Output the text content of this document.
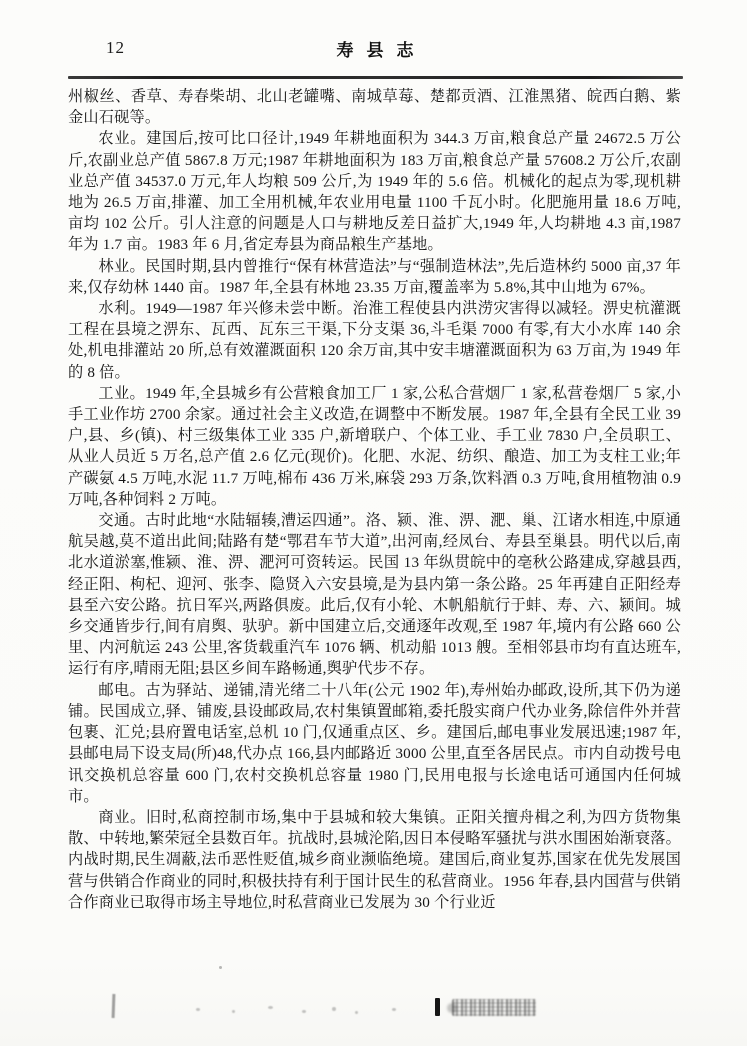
12	寿县志

州椒丝、香草、寿春柴胡、北山老罐嘴、南城草莓、楚都贡酒、江淮黑猪、皖西白鹅、紫金山石砚等。

农业。建国后,按可比口径计,1949 年耕地面积为 344.3 万亩,粮食总产量 24672.5 万公斤,农副业总产值 5867.8 万元;1987 年耕地面积为 183 万亩,粮食总产量 57608.2 万公斤,农副业总产值 34537.0 万元,年人均粮 509 公斤,为 1949 年的 5.6 倍。机械化的起点为零,现机耕地为 26.5 万亩,排灌、加工全用机械,年农业用电量 1100 千瓦小时。化肥施用量 18.6 万吨,亩均 102 公斤。引人注意的问题是人口与耕地反差日益扩大,1949 年,人均耕地 4.3 亩,1987 年为 1.7 亩。1983 年 6 月,省定寿县为商品粮生产基地。

林业。民国时期,县内曾推行“保有林营造法”与“强制造林法”,先后造林约 5000 亩,37 年来,仅存幼林 1440 亩。1987 年,全县有林地 23.35 万亩,覆盖率为 5.8%,其中山地为 67%。

水利。1949—1987 年兴修未尝中断。治淮工程使县内洪涝灾害得以减轻。淠史杭灌溉工程在县境之淠东、瓦西、瓦东三干渠,下分支渠 36,斗毛渠 7000 有零,有大小水库 140 余处,机电排灌站 20 所,总有效灌溉面积 120 余万亩,其中安丰塘灌溉面积为 63 万亩,为 1949 年的 8 倍。

工业。1949 年,全县城乡有公营粮食加工厂 1 家,公私合营烟厂 1 家,私营卷烟厂 5 家,小手工业作坊 2700 余家。通过社会主义改造,在调整中不断发展。1987 年,全县有全民工业 39 户,县、乡(镇)、村三级集体工业 335 户,新增联户、个体工业、手工业 7830 户,全员职工、从业人员近 5 万名,总产值 2.6 亿元(现价)。化肥、水泥、纺织、酿造、加工为支柱工业;年产碳氨 4.5 万吨,水泥 11.7 万吨,棉布 436 万米,麻袋 293 万条,饮料酒 0.3 万吨,食用植物油 0.9 万吨,各种饲料 2 万吨。

交通。古时此地“水陆辐辏,漕运四通”。洛、颍、淮、淠、淝、巢、江诸水相连,中原通航吴越,莫不道出此间;陆路有楚“鄂君车节大道”,出河南,经凤台、寿县至巢县。明代以后,南北水道淤塞,惟颍、淮、淠、淝河可资转运。民国 13 年纵贯皖中的亳秋公路建成,穿越县西,经正阳、枸杞、迎河、张李、隐贤入六安县境,是为县内第一条公路。25 年再建自正阳经寿县至六安公路。抗日军兴,两路俱废。此后,仅有小轮、木帆船航行于蚌、寿、六、颍间。城乡交通皆步行,间有肩舆、驮驴。新中国建立后,交通逐年改观,至 1987 年,境内有公路 660 公里、内河航运 243 公里,客货载重汽车 1076 辆、机动船 1013 艘。至相邻县市均有直达班车,运行有序,晴雨无阻;县区乡间车路畅通,舆驴代步不存。

邮电。古为驿站、递铺,清光绪二十八年(公元 1902 年),寿州始办邮政,设所,其下仍为递铺。民国成立,驿、铺废,县设邮政局,农村集镇置邮箱,委托殷实商户代办业务,除信件外并营包裹、汇兑;县府置电话室,总机 10 门,仅通重点区、乡。建国后,邮电事业发展迅速;1987 年,县邮电局下设支局(所)48,代办点 166,县内邮路近 3000 公里,直至各居民点。市内自动拨号电讯交换机总容量 600 门,农村交换机总容量 1980 门,民用电报与长途电话可通国内任何城市。

商业。旧时,私商控制市场,集中于县城和较大集镇。正阳关擅舟楫之利,为四方货物集散、中转地,繁荣冠全县数百年。抗战时,县城沦陷,因日本侵略军骚扰与洪水围困始渐衰落。内战时期,民生凋蔽,法币恶性贬值,城乡商业濒临绝境。建国后,商业复苏,国家在优先发展国营与供销合作商业的同时,积极扶持有利于国计民生的私营商业。1956 年春,县内国营与供销合作商业已取得市场主导地位,时私营商业已发展为 30 个行业近
